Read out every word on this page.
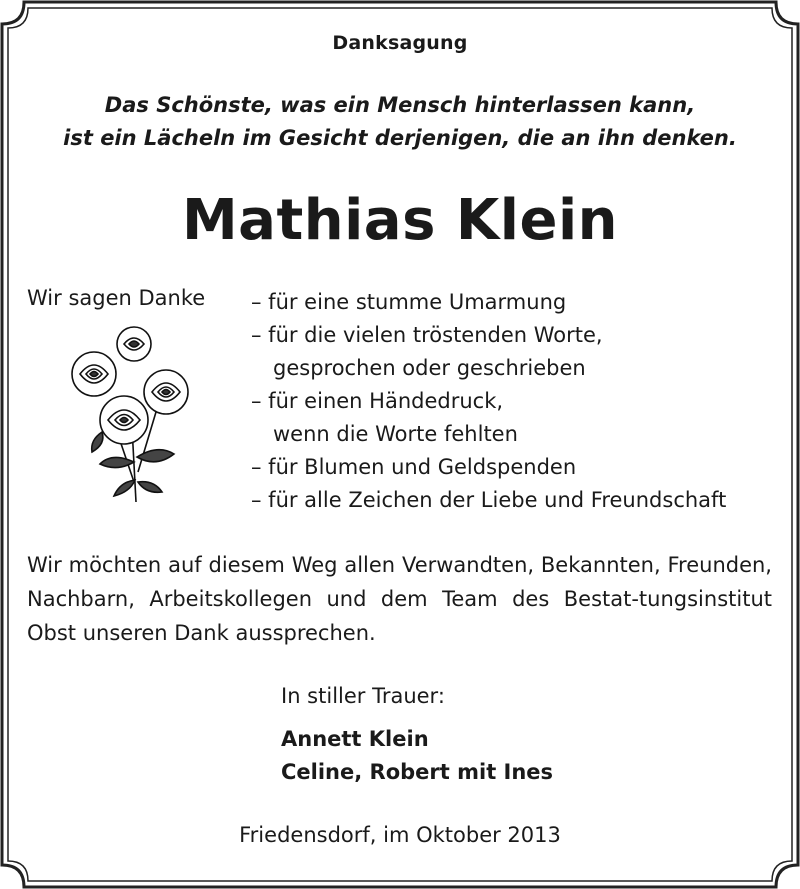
Danksagung
Das Schönste, was ein Mensch hinterlassen kann,
ist ein Lächeln im Gesicht derjenigen, die an ihn denken.
Mathias Klein
Wir sagen Danke – für eine stumme Umarmung
– für die vielen tröstenden Worte,
gesprochen oder geschrieben
– für einen Händedruck,
wenn die Worte fehlten
– für Blumen und Geldspenden
– für alle Zeichen der Liebe und Freundschaft
Wir möchten auf diesem Weg allen Verwandten, Bekannten, Freunden, Nachbarn, Arbeitskollegen und dem Team des Bestat-tungsinstitut Obst unseren Dank aussprechen.
In stiller Trauer:
Annett Klein
Celine, Robert mit Ines
Friedensdorf, im Oktober 2013
